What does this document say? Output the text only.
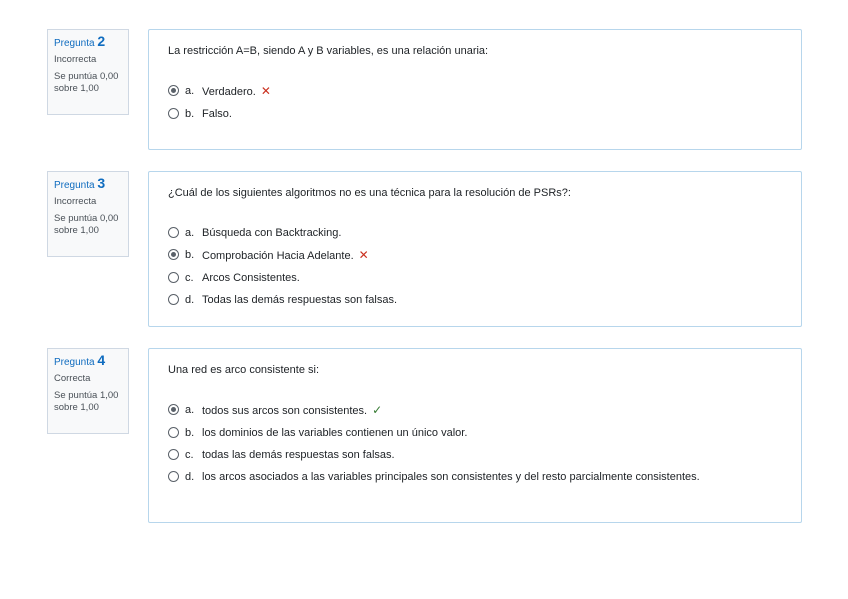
Pregunta 2
Incorrecta
Se puntúa 0,00
sobre 1,00
La restricción A=B, siendo A y B variables, es una relación unaria:
a. Verdadero. ✕
b. Falso.
Pregunta 3
Incorrecta
Se puntúa 0,00
sobre 1,00
¿Cuál de los siguientes algoritmos no es una técnica para la resolución de PSRs?:
a. Búsqueda con Backtracking.
b. Comprobación Hacia Adelante. ✕
c. Arcos Consistentes.
d. Todas las demás respuestas son falsas.
Pregunta 4
Correcta
Se puntúa 1,00
sobre 1,00
Una red es arco consistente si:
a. todos sus arcos son consistentes. ✓
b. los dominios de las variables contienen un único valor.
c. todas las demás respuestas son falsas.
d. los arcos asociados a las variables principales son consistentes y del resto parcialmente consistentes.
